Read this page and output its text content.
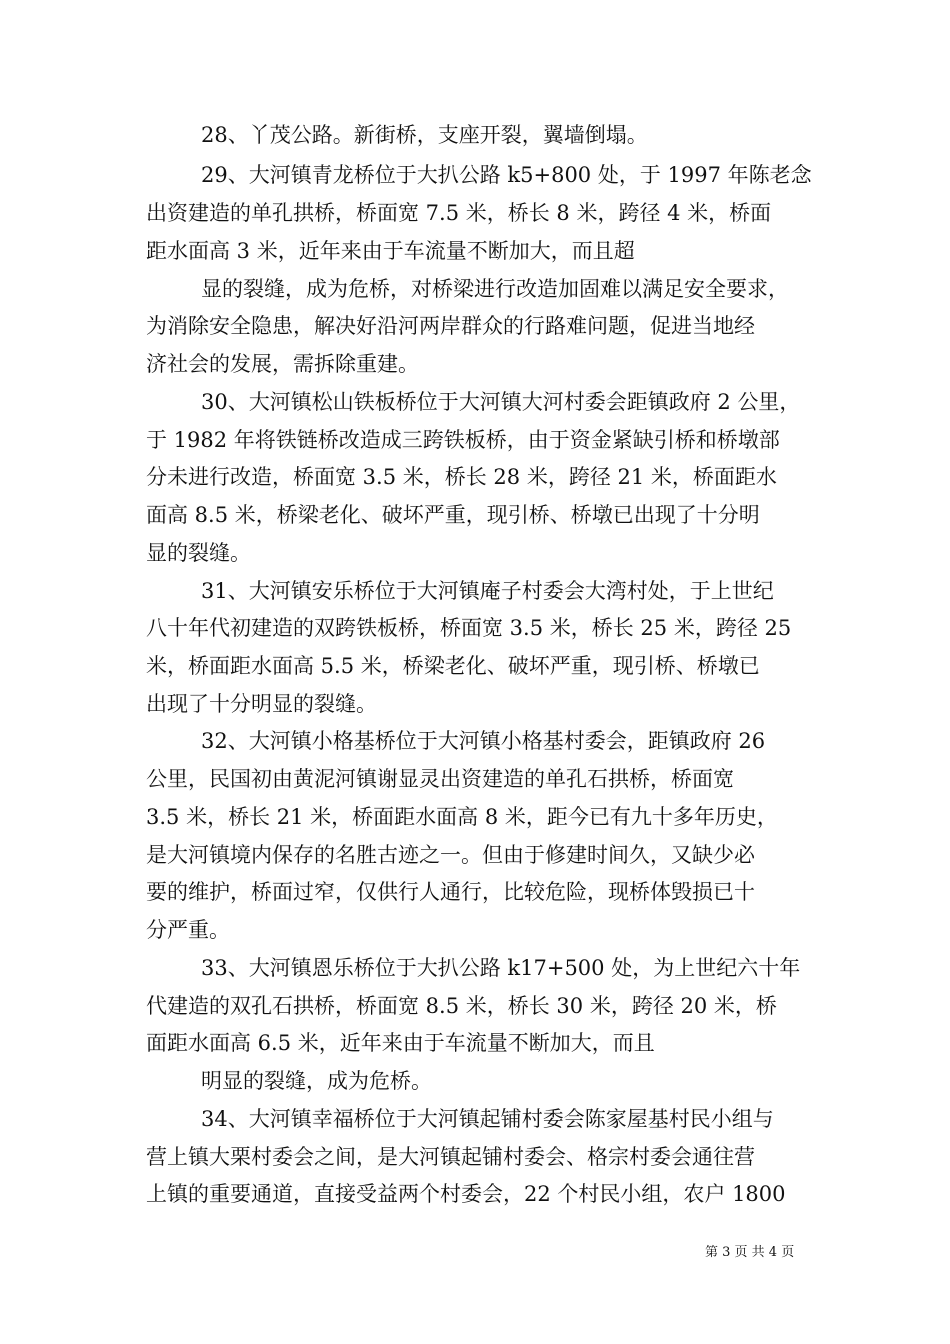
28、丫茂公路。新街桥，支座开裂，翼墙倒塌。
29、大河镇青龙桥位于大扒公路 k5+800 处，于 1997 年陈老念
出资建造的单孔拱桥，桥面宽 7.5 米，桥长 8 米，跨径 4 米，桥面
距水面高 3 米，近年来由于车流量不断加大，而且超
显的裂缝，成为危桥，对桥梁进行改造加固难以满足安全要求，
为消除安全隐患，解决好沿河两岸群众的行路难问题，促进当地经
济社会的发展，需拆除重建。
30、大河镇松山铁板桥位于大河镇大河村委会距镇政府 2 公里，
于 1982 年将铁链桥改造成三跨铁板桥，由于资金紧缺引桥和桥墩部
分未进行改造，桥面宽 3.5 米，桥长 28 米，跨径 21 米，桥面距水
面高 8.5 米，桥梁老化、破坏严重，现引桥、桥墩已出现了十分明
显的裂缝。
31、大河镇安乐桥位于大河镇庵子村委会大湾村处，于上世纪
八十年代初建造的双跨铁板桥，桥面宽 3.5 米，桥长 25 米，跨径 25
米，桥面距水面高 5.5 米，桥梁老化、破坏严重，现引桥、桥墩已
出现了十分明显的裂缝。
32、大河镇小格基桥位于大河镇小格基村委会，距镇政府 26
公里，民国初由黄泥河镇谢显灵出资建造的单孔石拱桥，桥面宽
3.5 米，桥长 21 米，桥面距水面高 8 米，距今已有九十多年历史，
是大河镇境内保存的名胜古迹之一。但由于修建时间久，又缺少必
要的维护，桥面过窄，仅供行人通行，比较危险，现桥体毁损已十
分严重。
33、大河镇恩乐桥位于大扒公路 k17+500 处，为上世纪六十年
代建造的双孔石拱桥，桥面宽 8.5 米，桥长 30 米，跨径 20 米，桥
面距水面高 6.5 米，近年来由于车流量不断加大，而且
明显的裂缝，成为危桥。
34、大河镇幸福桥位于大河镇起铺村委会陈家屋基村民小组与
营上镇大栗村委会之间，是大河镇起铺村委会、格宗村委会通往营
上镇的重要通道，直接受益两个村委会，22 个村民小组，农户 1800
第 3 页 共 4 页
